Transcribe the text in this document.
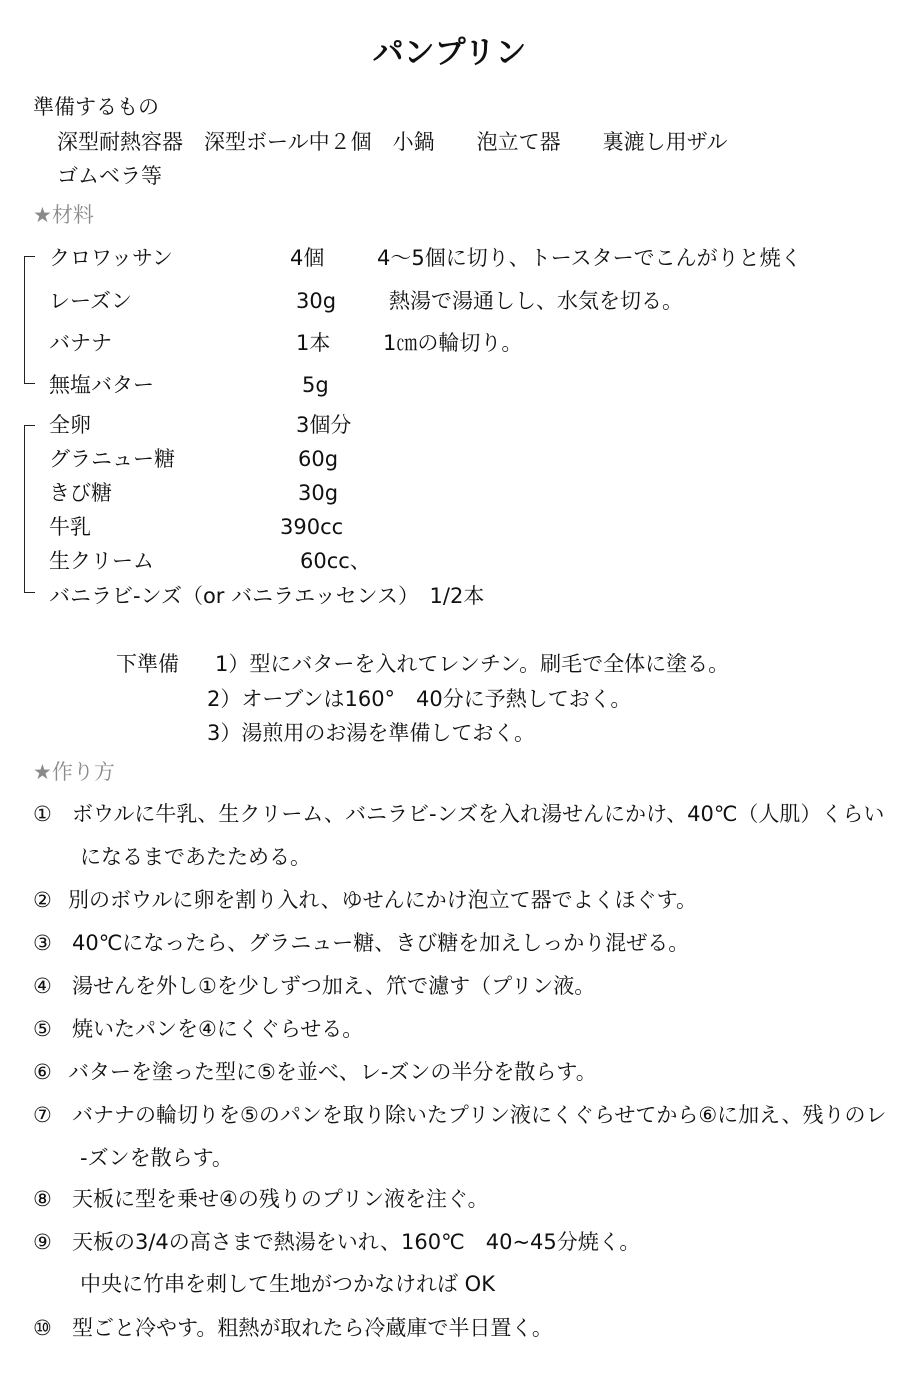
パンプリン
準備するもの
深型耐熱容器　深型ボール中２個　小鍋　　泡立て器　　裏漉し用ザル
ゴムベラ等
★材料
クロワッサン	4個	4～5個に切り、トースターでこんがりと焼く
レーズン	30g	熱湯で湯通しし、水気を切る。
バナナ	1本	1㎝の輪切り。
無塩バター	5g
全卵	3個分
グラニュー糖	60g
きび糖	30g
牛乳	390cc
生クリーム	60cc、
バニラビ-ンズ（or バニラエッセンス）　1/2本
下準備 1）型にバターを入れてレンチン。刷毛で全体に塗る。
2）オーブンは160°　40分に予熱しておく。
3）湯煎用のお湯を準備しておく。
★作り方
① ボウルに牛乳、生クリーム、バニラビ-ンズを入れ湯せんにかけ、40℃（人肌）くらい
になるまであたためる。
② 別のボウルに卵を割り入れ、ゆせんにかけ泡立て器でよくほぐす。
③ 40℃になったら、グラニュー糖、きび糖を加えしっかり混ぜる。
④ 湯せんを外し①を少しずつ加え、笊で濾す（プリン液。
⑤ 焼いたパンを④にくぐらせる。
⑥ バターを塗った型に⑤を並べ、レ-ズンの半分を散らす。
⑦ バナナの輪切りを⑤のパンを取り除いたプリン液にくぐらせてから⑥に加え、残りのレ
-ズンを散らす。
⑧ 天板に型を乗せ④の残りのプリン液を注ぐ。
⑨ 天板の3/4の高さまで熱湯をいれ、160℃　40~45分焼く。
中央に竹串を刺して生地がつかなければ OK
⑩ 型ごと冷やす。粗熱が取れたら冷蔵庫で半日置く。
